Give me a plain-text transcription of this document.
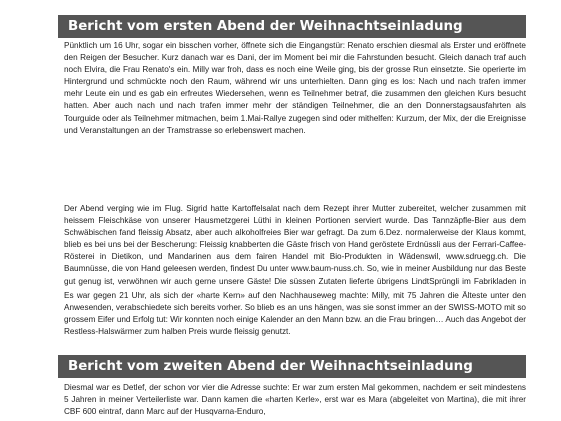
Bericht vom ersten Abend der Weihnachtseinladung

Pünktlich um 16 Uhr, sogar ein bisschen vorher, öffnete sich die Eingangstür: Renato erschien diesmal als Erster und eröffnete den Reigen der Besucher. Kurz danach war es Dani, der im Moment bei mir die Fahrstunden besucht. Gleich danach traf auch noch Elvira, die Frau Renato's ein. Milly war froh, dass es noch eine Weile ging, bis der grosse Run einsetzte. Sie operierte im Hintergrund und schmückte noch den Raum, während wir uns unterhielten. Dann ging es los: Nach und nach trafen immer mehr Leute ein und es gab ein erfreutes Wiedersehen, wenn es Teilnehmer betraf, die zusammen den gleichen Kurs besucht hatten. Aber auch nach und nach trafen immer mehr der ständigen Teilnehmer, die an den Donnerstagsausfahrten als Tourguide oder als Teilnehmer mitmachen, beim 1.Mai-Rallye zugegen sind oder mithelfen: Kurzum, der Mix, der die Ereignisse und Veranstaltungen an der Tramstrasse so erlebenswert machen.

Der Abend verging wie im Flug. Sigrid hatte Kartoffelsalat nach dem Rezept ihrer Mutter zubereitet, welcher zusammen mit heissem Fleischkäse von unserer Hausmetzgerei Lüthi in kleinen Portionen serviert wurde. Das Tannzäpfle-Bier aus dem Schwäbischen fand fleissig Absatz, aber auch alkoholfreies Bier war gefragt. Da zum 6.Dez. normalerweise der Klaus kommt, blieb es bei uns bei der Bescherung: Fleissig knabberten die Gäste frisch von Hand geröstete Erdnüssli aus der Ferrari-Caffee-Rösterei in Dietikon, und Mandarinen aus dem fairen Handel mit Bio-Produkten in Wädenswil, www.sdruegg.ch. Die Baumnüsse, die von Hand geleesen werden, findest Du unter www.baum-nuss.ch. So, wie in meiner Ausbildung nur das Beste gut genug ist, verwöhnen wir auch gerne unsere Gäste! Die süssen Zutaten lieferte übrigens LindtSprüngli im Fabrikladen in

Es war gegen 21 Uhr, als sich der «harte Kern» auf den Nachhauseweg machte: Milly, mit 75 Jahren die Älteste unter den Anwesenden, verabschiedete sich bereits vorher. So blieb es an uns hängen, was sie sonst immer an der SWISS-MOTO mit so grossem Eifer und Erfolg tut: Wir konnten noch einige Kalender an den Mann bzw. an die Frau bringen… Auch das Angebot der Restless-Halswärmer zum halben Preis wurde fleissig genutzt.

Bericht vom zweiten Abend der Weihnachtseinladung

Diesmal war es Detlef, der schon vor vier die Adresse suchte: Er war zum ersten Mal gekommen, nachdem er seit mindestens 5 Jahren in meiner Verteilerliste war. Dann kamen die «harten Kerle», erst war es Mara (abgeleitet von Martina), die mit ihrer CBF 600 eintraf, dann Marc auf der Husqvarna-Enduro,
